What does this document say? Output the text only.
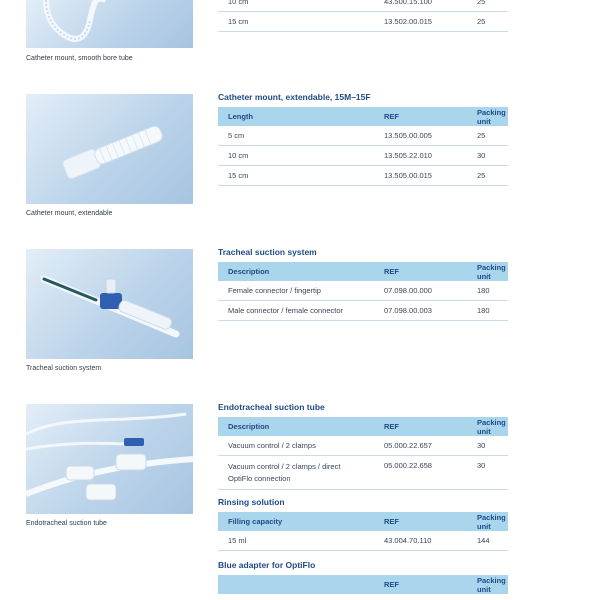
Catheter mount, smooth bore tube
10 cm	43.500.15.100	25
15 cm	13.502.00.015	25
Catheter mount, extendable
Catheter mount, extendable, 15M–15F
Length	REF	Packing unit
5 cm	13.505.00.005	25
10 cm	13.505.22.010	30
15 cm	13.505.00.015	25
Tracheal suction system
Tracheal suction system
Description	REF	Packing unit
Female connector / fingertip	07.098.00.000	180
Male connector / female connector	07.098.00.003	180
Endotracheal suction tube
Endotracheal suction tube
Description	REF	Packing unit
Vacuum control / 2 clamps	05.000.22.657	30
Vacuum control / 2 clamps / direct OptiFlo connection	05.000.22.658	30
Rinsing solution
Filling capacity	REF	Packing unit
15 ml	43.004.70.110	144
Blue adapter for OptiFlo
	REF	Packing unit
